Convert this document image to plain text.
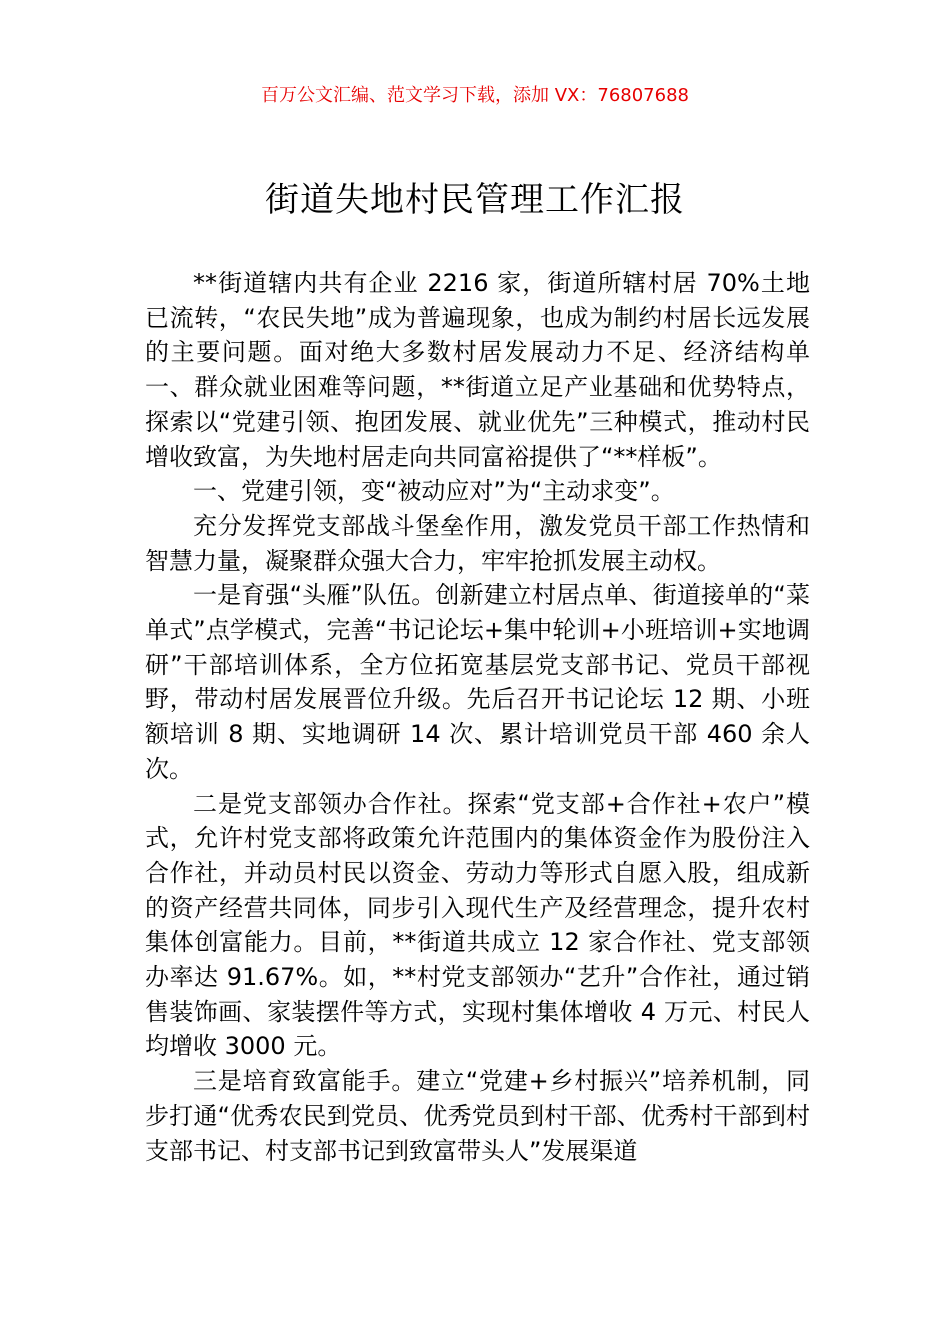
百万公文汇编、范文学习下载，添加 VX：76807688
街道失地村民管理工作汇报

**街道辖内共有企业 2216 家，街道所辖村居 70%土地已流转，“农民失地”成为普遍现象，也成为制约村居长远发展的主要问题。面对绝大多数村居发展动力不足、经济结构单一、群众就业困难等问题，**街道立足产业基础和优势特点，探索以“党建引领、抱团发展、就业优先”三种模式，推动村民增收致富，为失地村居走向共同富裕提供了“**样板”。

一、党建引领，变“被动应对”为“主动求变”。

充分发挥党支部战斗堡垒作用，激发党员干部工作热情和智慧力量，凝聚群众强大合力，牢牢抢抓发展主动权。

一是育强“头雁”队伍。创新建立村居点单、街道接单的“菜单式”点学模式，完善“书记论坛+集中轮训+小班培训+实地调研”干部培训体系，全方位拓宽基层党支部书记、党员干部视野，带动村居发展晋位升级。先后召开书记论坛 12 期、小班额培训 8 期、实地调研 14 次、累计培训党员干部 460 余人次。

二是党支部领办合作社。探索“党支部+合作社+农户”模式，允许村党支部将政策允许范围内的集体资金作为股份注入合作社，并动员村民以资金、劳动力等形式自愿入股，组成新的资产经营共同体，同步引入现代生产及经营理念，提升农村集体创富能力。目前，**街道共成立 12 家合作社、党支部领办率达 91.67%。如，**村党支部领办“艺升”合作社，通过销售装饰画、家装摆件等方式，实现村集体增收 4 万元、村民人均增收 3000 元。

三是培育致富能手。建立“党建+乡村振兴”培养机制，同步打通“优秀农民到党员、优秀党员到村干部、优秀村干部到村支部书记、村支部书记到致富带头人”发展渠道
